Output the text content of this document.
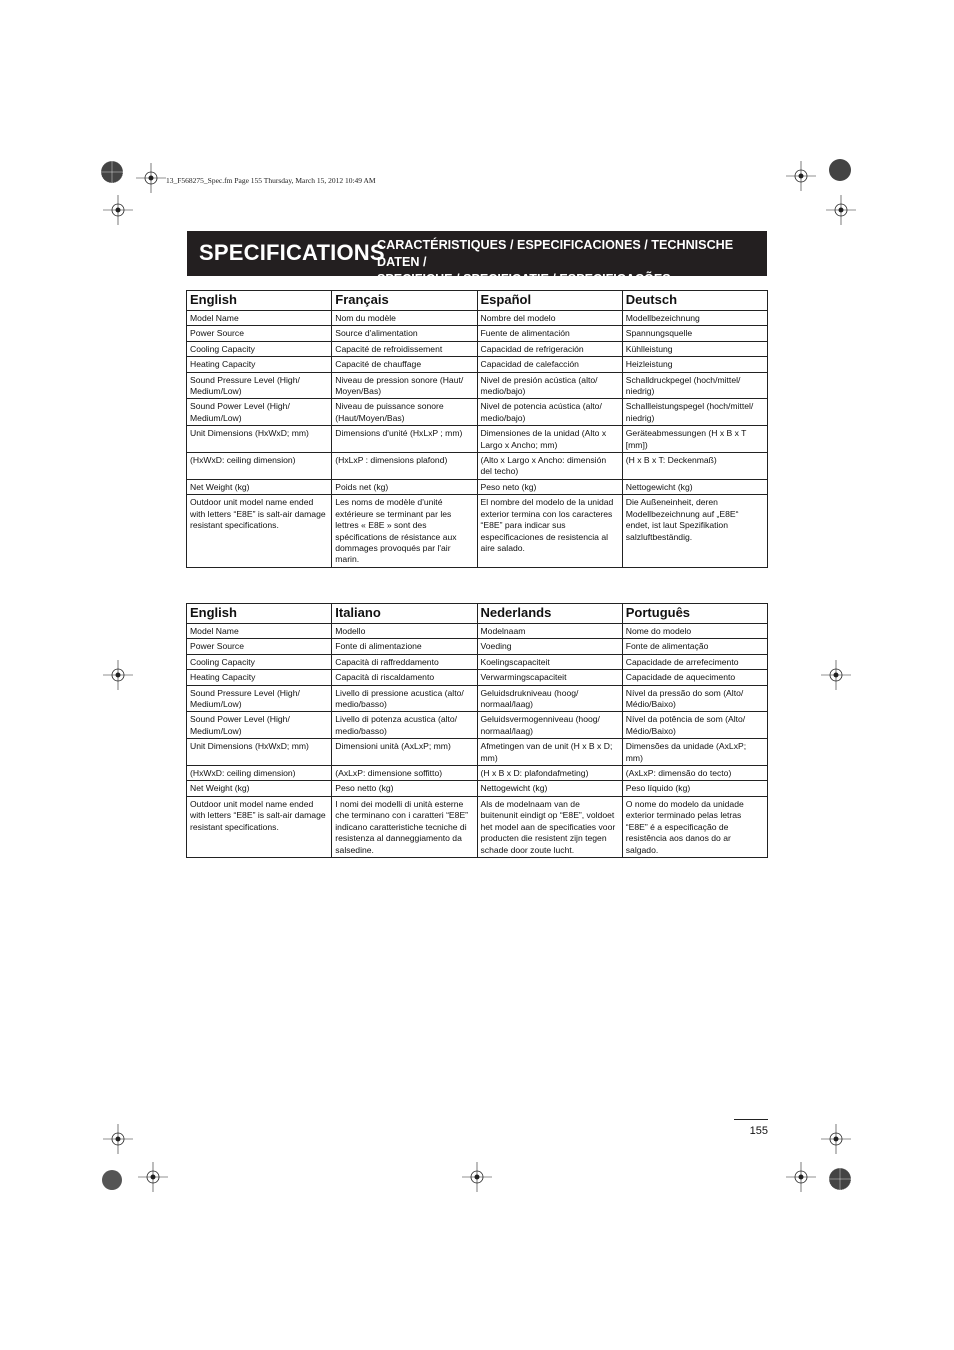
13_F568275_Spec.fm Page 155 Thursday, March 15, 2012 10:49 AM
SPECIFICATIONS
CARACTÉRISTIQUES / ESPECIFICACIONES / TECHNISCHE DATEN /
SPECIFICHE / SPECIFICATIE / ESPECIFICAÇÕES
English	Français	Español	Deutsch
Model Name	Nom du modèle	Nombre del modelo	Modellbezeichnung
Power Source	Source d'alimentation	Fuente de alimentación	Spannungsquelle
Cooling Capacity	Capacité de refroidissement	Capacidad de refrigeración	Kühlleistung
Heating Capacity	Capacité de chauffage	Capacidad de calefacción	Heizleistung
Sound Pressure Level (High/ Medium/Low)	Niveau de pression sonore (Haut/ Moyen/Bas)	Nivel de presión acústica (alto/ medio/bajo)	Schalldruckpegel (hoch/mittel/ niedrig)
Sound Power Level (High/ Medium/Low)	Niveau de puissance sonore (Haut/Moyen/Bas)	Nivel de potencia acústica (alto/ medio/bajo)	Schallleistungspegel (hoch/mittel/ niedrig)
Unit Dimensions (HxWxD; mm)	Dimensions d'unité (HxLxP ; mm)	Dimensiones de la unidad (Alto x Largo x Ancho; mm)	Geräteabmessungen (H x B x T [mm])
(HxWxD: ceiling dimension)	(HxLxP : dimensions plafond)	(Alto x Largo x Ancho: dimensión del techo)	(H x B x T: Deckenmaß)
Net Weight (kg)	Poids net (kg)	Peso neto (kg)	Nettogewicht (kg)
Outdoor unit model name ended with letters “E8E” is salt-air damage resistant specifications.	Les noms de modèle d'unité extérieure se terminant par les lettres « E8E » sont des spécifications de résistance aux dommages provoqués par l'air marin.	El nombre del modelo de la unidad exterior termina con los caracteres “E8E” para indicar sus especificaciones de resistencia al aire salado.	Die Außeneinheit, deren Modellbezeichnung auf „E8E“ endet, ist laut Spezifikation salzluftbeständig.
English	Italiano	Nederlands	Português
Model Name	Modello	Modelnaam	Nome do modelo
Power Source	Fonte di alimentazione	Voeding	Fonte de alimentação
Cooling Capacity	Capacità di raffreddamento	Koelingscapaciteit	Capacidade de arrefecimento
Heating Capacity	Capacità di riscaldamento	Verwarmingscapaciteit	Capacidade de aquecimento
Sound Pressure Level (High/ Medium/Low)	Livello di pressione acustica (alto/ medio/basso)	Geluidsdrukniveau (hoog/ normaal/laag)	Nível da pressão do som (Alto/ Médio/Baixo)
Sound Power Level (High/ Medium/Low)	Livello di potenza acustica (alto/ medio/basso)	Geluidsvermogenniveau (hoog/ normaal/laag)	Nível da potência de som (Alto/ Médio/Baixo)
Unit Dimensions (HxWxD; mm)	Dimensioni unità (AxLxP; mm)	Afmetingen van de unit (H x B x D; mm)	Dimensões da unidade (AxLxP; mm)
(HxWxD: ceiling dimension)	(AxLxP: dimensione soffitto)	(H x B x D: plafondafmeting)	(AxLxP: dimensão do tecto)
Net Weight (kg)	Peso netto (kg)	Nettogewicht (kg)	Peso líquido (kg)
Outdoor unit model name ended with letters “E8E” is salt-air damage resistant specifications.	I nomi dei modelli di unità esterne che terminano con i caratteri “E8E” indicano caratteristiche tecniche di resistenza al danneggiamento da salsedine.	Als de modelnaam van de buitenunit eindigt op “E8E”, voldoet het model aan de specificaties voor producten die resistent zijn tegen schade door zoute lucht.	O nome do modelo da unidade exterior terminado pelas letras “E8E” é a especificação de resistência aos danos do ar salgado.
155
